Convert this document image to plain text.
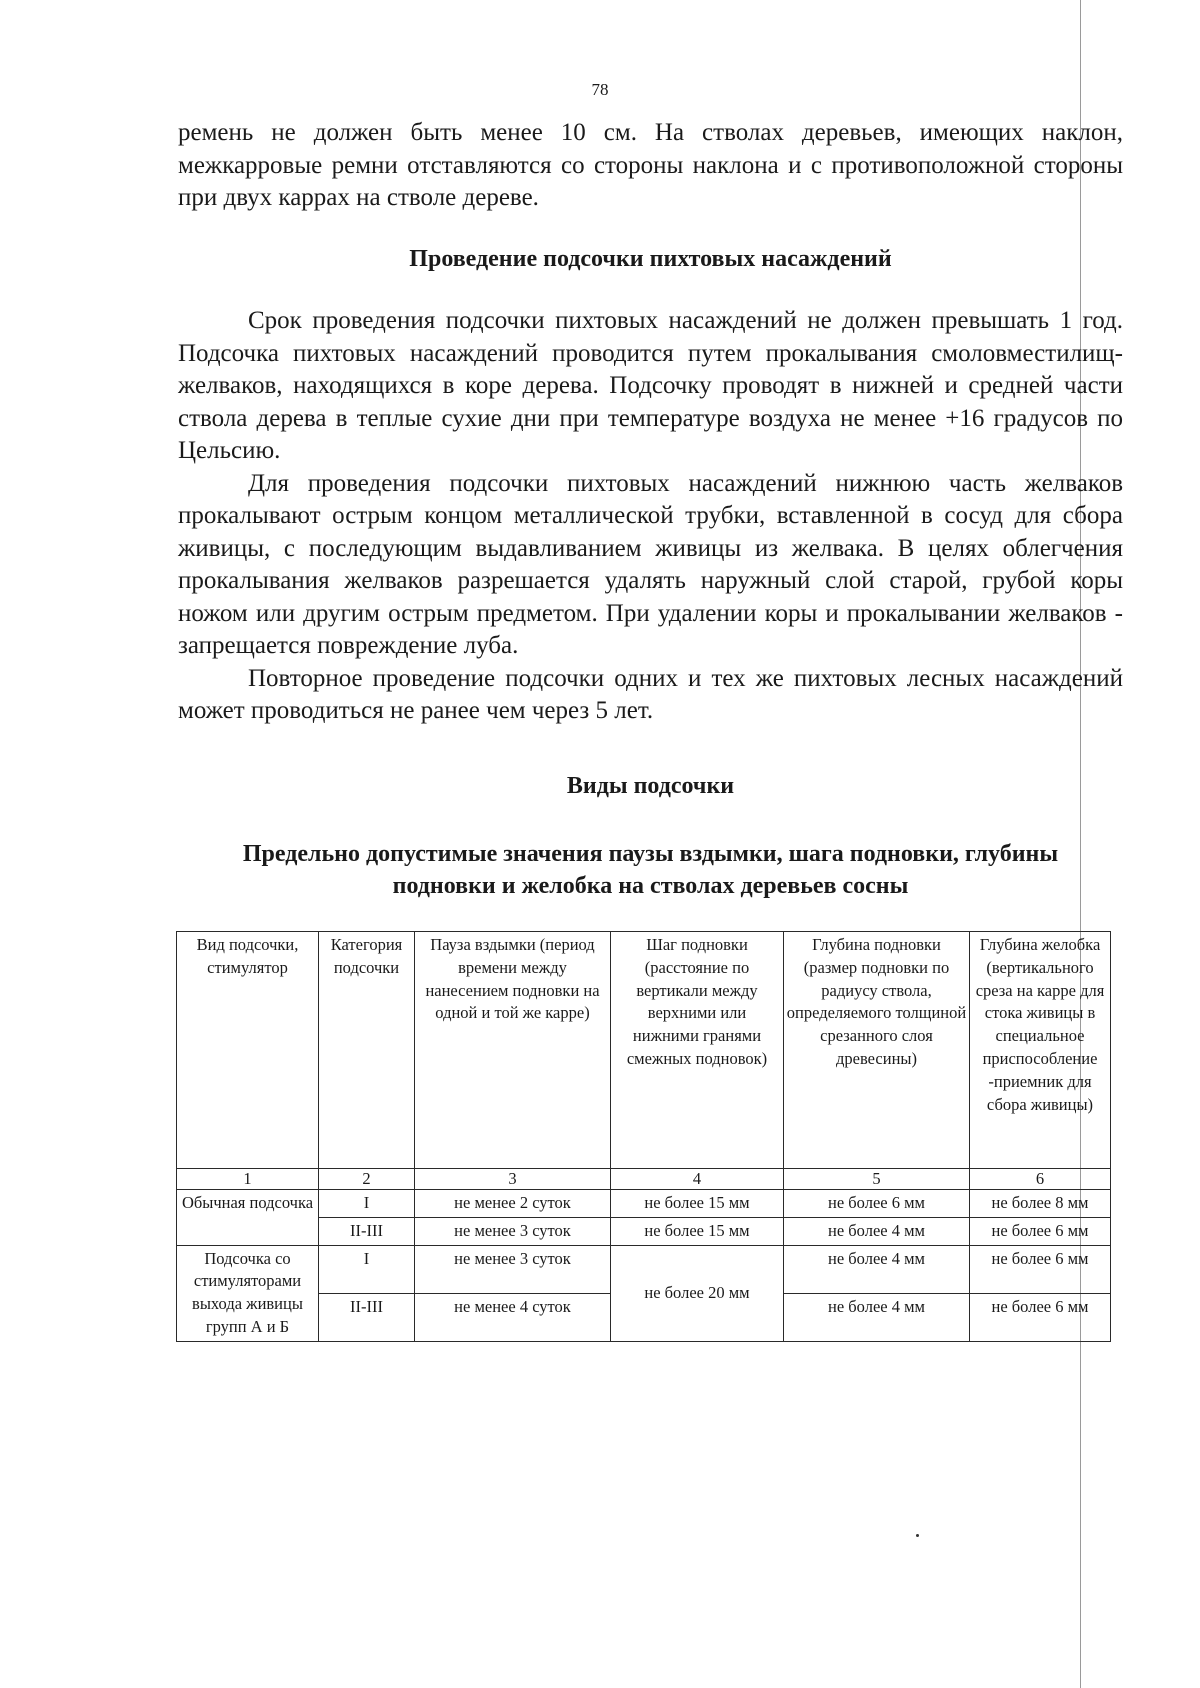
78

ремень не должен быть менее 10 см. На стволах деревьев, имеющих наклон, межкарровые ремни отставляются со стороны наклона и с противоположной стороны при двух каррах на стволе дереве.

Проведение подсочки пихтовых насаждений

Срок проведения подсочки пихтовых насаждений не должен превышать 1 год. Подсочка пихтовых насаждений проводится путем прокалывания смоловместилищ-желваков, находящихся в коре дерева. Подсочку проводят в нижней и средней части ствола дерева в теплые сухие дни при температуре воздуха не менее +16 градусов по Цельсию.

Для проведения подсочки пихтовых насаждений нижнюю часть желваков прокалывают острым концом металлической трубки, вставленной в сосуд для сбора живицы, с последующим выдавливанием живицы из желвака. В целях облегчения прокалывания желваков разрешается удалять наружный слой старой, грубой коры ножом или другим острым предметом. При удалении коры и прокалывании желваков - запрещается повреждение луба.

Повторное проведение подсочки одних и тех же пихтовых лесных насаждений может проводиться не ранее чем через 5 лет.

Виды подсочки
Предельно допустимые значения паузы вздымки, шага подновки, глубины подновки и желобка на стволах деревьев сосны
Вид подсочки, стимулятор	Категория подсочки	Пауза вздымки (период времени между нанесением подновки на одной и той же карре)	Шаг подновки (расстояние по вертикали между верхними или нижними гранями смежных подновок)	Глубина подновки (размер подновки по радиусу ствола, определяемого толщиной срезанного слоя древесины)	Глубина желобка (вертикального среза на карре для стока живицы в специальное приспособление -приемник для сбора живицы)
1	2	3	4	5	6
Обычная подсочка	I	не менее 2 суток	не более 15 мм	не более 6 мм	не более 8 мм
	II-III	не менее 3 суток	не более 15 мм	не более 4 мм	не более 6 мм
Подсочка со стимуляторами выхода живицы групп А и Б	I	не менее 3 суток	не более 20 мм	не более 4 мм	не более 6 мм
	II-III	не менее 4 суток		не более 4 мм	не более 6 мм
